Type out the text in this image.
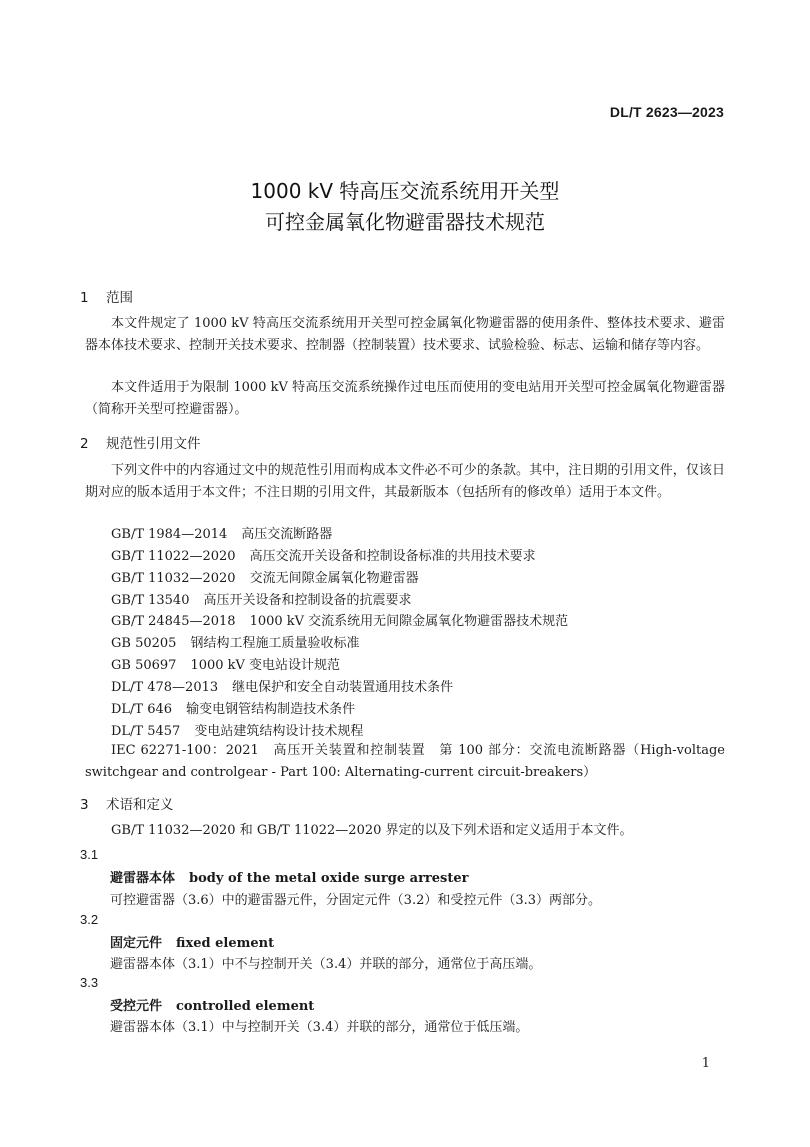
DL/T 2623—2023
1000 kV 特高压交流系统用开关型
可控金属氧化物避雷器技术规范
1 范围

本文件规定了 1000 kV 特高压交流系统用开关型可控金属氧化物避雷器的使用条件、整体技术要求、避雷器本体技术要求、控制开关技术要求、控制器（控制装置）技术要求、试验检验、标志、运输和储存等内容。

本文件适用于为限制 1000 kV 特高压交流系统操作过电压而使用的变电站用开关型可控金属氧化物避雷器（简称开关型可控避雷器）。

2 规范性引用文件

下列文件中的内容通过文中的规范性引用而构成本文件必不可少的条款。其中，注日期的引用文件，仅该日期对应的版本适用于本文件；不注日期的引用文件，其最新版本（包括所有的修改单）适用于本文件。

GB/T 1984—2014 高压交流断路器
GB/T 11022—2020 高压交流开关设备和控制设备标准的共用技术要求
GB/T 11032—2020 交流无间隙金属氧化物避雷器
GB/T 13540 高压开关设备和控制设备的抗震要求
GB/T 24845—2018 1000 kV 交流系统用无间隙金属氧化物避雷器技术规范
GB 50205 钢结构工程施工质量验收标准
GB 50697 1000 kV 变电站设计规范
DL/T 478—2013 继电保护和安全自动装置通用技术条件
DL/T 646 输变电钢管结构制造技术条件
DL/T 5457 变电站建筑结构设计技术规程

IEC 62271-100：2021　高压开关装置和控制装置　第 100 部分：交流电流断路器（High-voltage switchgear and controlgear - Part 100: Alternating-current circuit-breakers）

3 术语和定义

GB/T 11032—2020 和 GB/T 11022—2020 界定的以及下列术语和定义适用于本文件。

3.1
避雷器本体 body of the metal oxide surge arrester
可控避雷器（3.6）中的避雷器元件，分固定元件（3.2）和受控元件（3.3）两部分。
3.2
固定元件 fixed element
避雷器本体（3.1）中不与控制开关（3.4）并联的部分，通常位于高压端。
3.3
受控元件 controlled element
避雷器本体（3.1）中与控制开关（3.4）并联的部分，通常位于低压端。
1
